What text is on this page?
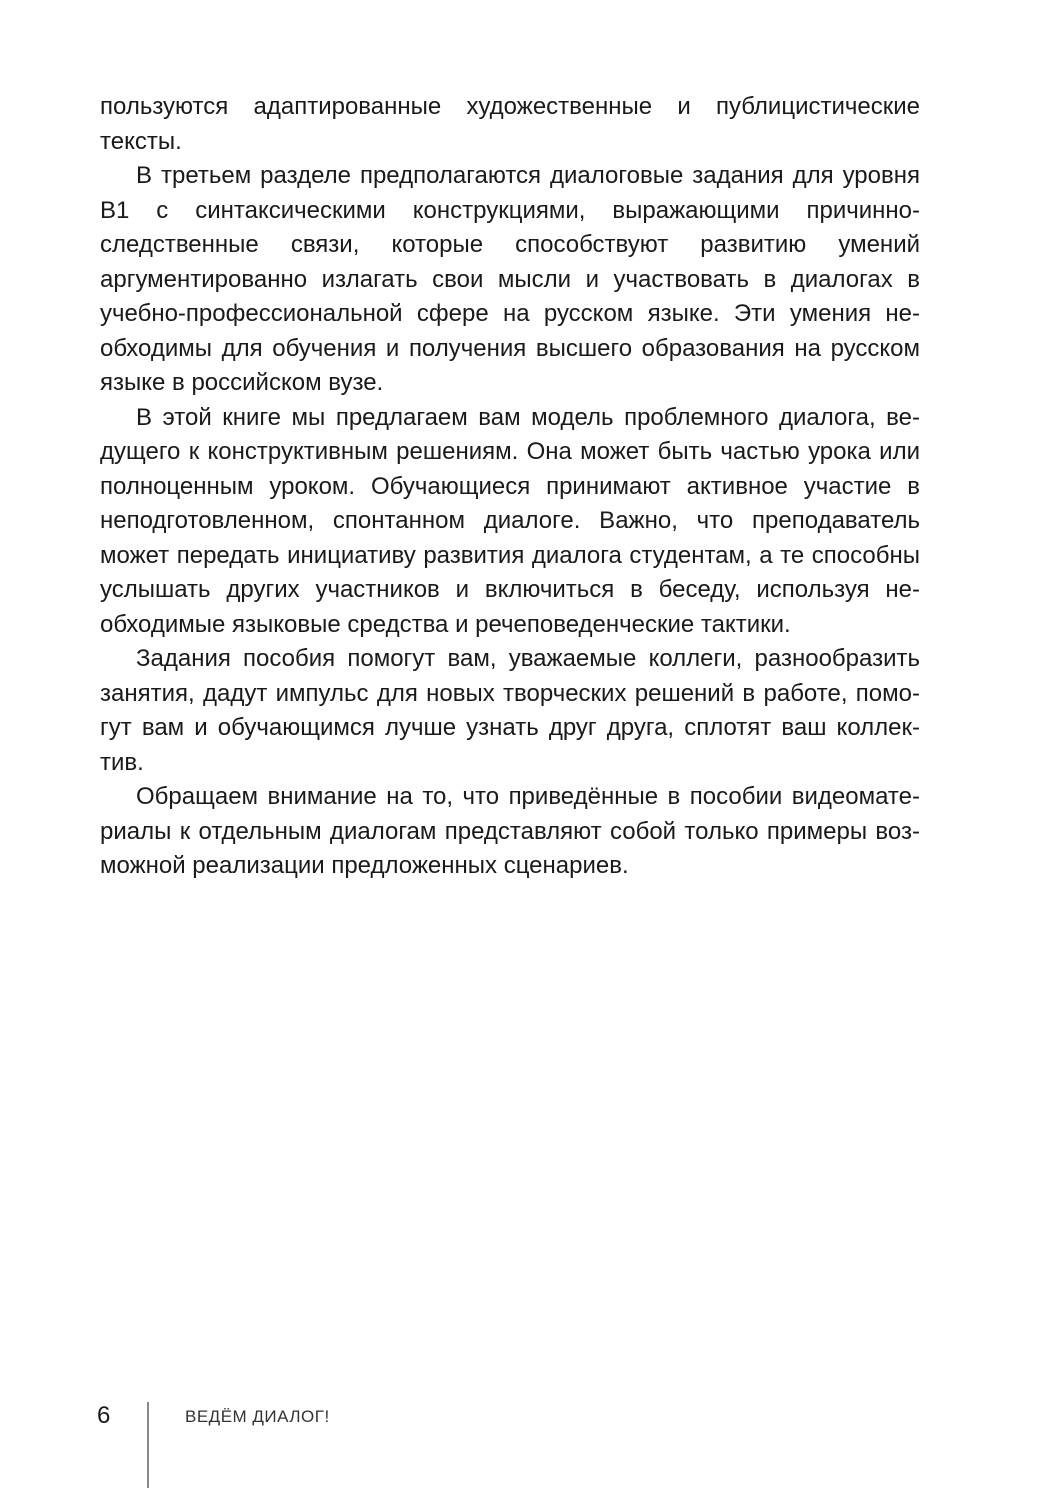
пользуются адаптированные художественные и публицистические тексты.

В третьем разделе предполагаются диалоговые задания для уровня B1 с синтаксическими конструкциями, выражающими причинно-следственные связи, которые способствуют развитию умений аргументированно излагать свои мысли и участвовать в диалогах в учебно-профессиональной сфере на русском языке. Эти умения необходимы для обучения и получения высшего образования на русском языке в российском вузе.

В этой книге мы предлагаем вам модель проблемного диалога, ведущего к конструктивным решениям. Она может быть частью урока или полноценным уроком. Обучающиеся принимают активное участие в неподготовленном, спонтанном диалоге. Важно, что преподаватель может передать инициативу развития диалога студентам, а те способны услышать других участников и включиться в беседу, используя необходимые языковые средства и речеповеденческие тактики.

Задания пособия помогут вам, уважаемые коллеги, разнообразить занятия, дадут импульс для новых творческих решений в работе, помогут вам и обучающимся лучше узнать друг друга, сплотят ваш коллектив.

Обращаем внимание на то, что приведённые в пособии видеоматериалы к отдельным диалогам представляют собой только примеры возможной реализации предложенных сценариев.

6	ВЕДЁМ ДИАЛОГ!
